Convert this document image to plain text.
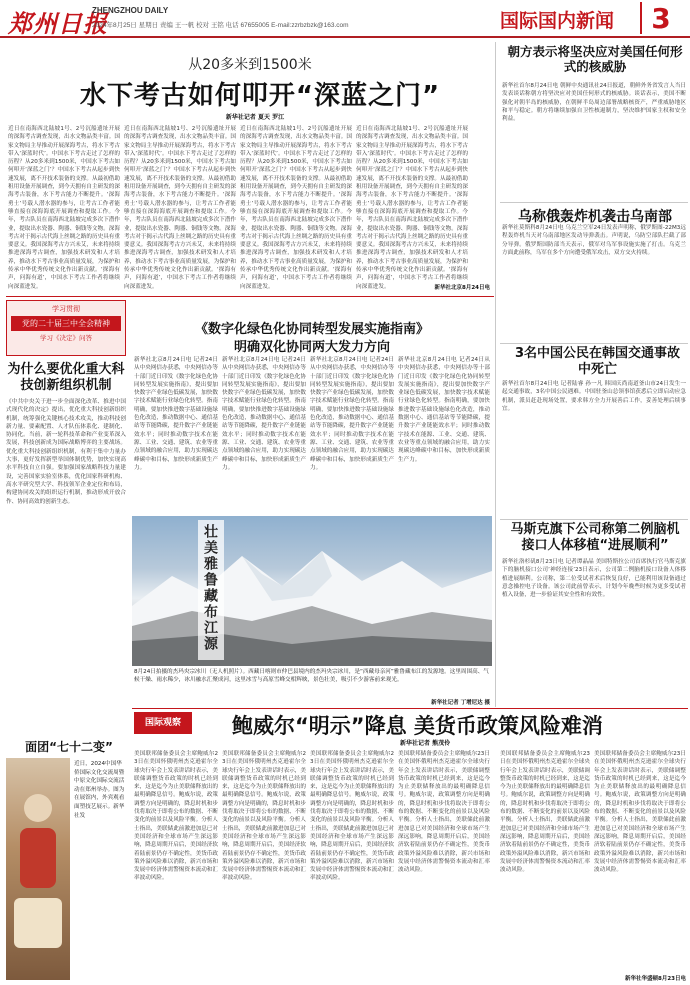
郑州日报
ZHENGZHOU DAILY
2024年8月25日 星期日 责编 王一帆 校对 王铭 电话 67655005 E-mail:zzrbzbzk@163.com	国际国内新闻	3
从20多米到1500米
水下考古如何叩开“深蓝之门”
新华社记者 夏天 罗江
近日在南海西北陆坡1号、2号沉船遗址开展的深海考古调查发现，出水文物品类丰富。国家文物局主导推动开展深海考古，将水下考古带入‘深蓝时代’。中国水下考古走过了怎样的历程？从20多米到1500米，中国水下考古如何叩开‘深蓝之门’？中国水下考古从起步到快速发展，离不开技术装备的支撑。从最初借助租用设备开展调查，到今天拥有自主研发的深海考古装备，水下考古能力不断提升。‘深海勇士’号载人潜水器的参与，让考古工作者能够直接在深海海底开展调查和提取工作。今年，考古队员在南海西北陆坡完成多次下潜作业，提取出水瓷器、陶器、铜钱等文物。深海考古对于揭示古代海上丝绸之路的历史具有重要意义。我国深海考古方兴未艾，未来将持续推进深海考古调查，加强技术研发和人才培养，推动水下考古事业高质量发展，为保护和传承中华优秀传统文化作出新贡献。‘探海有声，问海有道’，中国水下考古工作者将继续向深蓝进发。
近日在南海西北陆坡1号、2号沉船遗址开展的深海考古调查发现，出水文物品类丰富。国家文物局主导推动开展深海考古，将水下考古带入‘深蓝时代’。中国水下考古走过了怎样的历程？从20多米到1500米，中国水下考古如何叩开‘深蓝之门’？中国水下考古从起步到快速发展，离不开技术装备的支撑。从最初借助租用设备开展调查，到今天拥有自主研发的深海考古装备，水下考古能力不断提升。‘深海勇士’号载人潜水器的参与，让考古工作者能够直接在深海海底开展调查和提取工作。今年，考古队员在南海西北陆坡完成多次下潜作业，提取出水瓷器、陶器、铜钱等文物。深海考古对于揭示古代海上丝绸之路的历史具有重要意义。我国深海考古方兴未艾，未来将持续推进深海考古调查，加强技术研发和人才培养，推动水下考古事业高质量发展，为保护和传承中华优秀传统文化作出新贡献。‘探海有声，问海有道’，中国水下考古工作者将继续向深蓝进发。
近日在南海西北陆坡1号、2号沉船遗址开展的深海考古调查发现，出水文物品类丰富。国家文物局主导推动开展深海考古，将水下考古带入‘深蓝时代’。中国水下考古走过了怎样的历程？从20多米到1500米，中国水下考古如何叩开‘深蓝之门’？中国水下考古从起步到快速发展，离不开技术装备的支撑。从最初借助租用设备开展调查，到今天拥有自主研发的深海考古装备，水下考古能力不断提升。‘深海勇士’号载人潜水器的参与，让考古工作者能够直接在深海海底开展调查和提取工作。今年，考古队员在南海西北陆坡完成多次下潜作业，提取出水瓷器、陶器、铜钱等文物。深海考古对于揭示古代海上丝绸之路的历史具有重要意义。我国深海考古方兴未艾，未来将持续推进深海考古调查，加强技术研发和人才培养，推动水下考古事业高质量发展，为保护和传承中华优秀传统文化作出新贡献。‘探海有声，问海有道’，中国水下考古工作者将继续向深蓝进发。
近日在南海西北陆坡1号、2号沉船遗址开展的深海考古调查发现，出水文物品类丰富。国家文物局主导推动开展深海考古，将水下考古带入‘深蓝时代’。中国水下考古走过了怎样的历程？从20多米到1500米，中国水下考古如何叩开‘深蓝之门’？中国水下考古从起步到快速发展，离不开技术装备的支撑。从最初借助租用设备开展调查，到今天拥有自主研发的深海考古装备，水下考古能力不断提升。‘深海勇士’号载人潜水器的参与，让考古工作者能够直接在深海海底开展调查和提取工作。今年，考古队员在南海西北陆坡完成多次下潜作业，提取出水瓷器、陶器、铜钱等文物。深海考古对于揭示古代海上丝绸之路的历史具有重要意义。我国深海考古方兴未艾，未来将持续推进深海考古调查，加强技术研发和人才培养，推动水下考古事业高质量发展，为保护和传承中华优秀传统文化作出新贡献。‘探海有声，问海有道’，中国水下考古工作者将继续向深蓝进发。	新华社北京8月24日电
朝方表示将坚决应对美国任何形式的核威胁
新华社首尔8月24日电 朝鲜中央通讯社24日报道，朝鲜外务省发言人当日发表谈话称朝方将坚决应对美国任何形式的核威胁。谈话表示，美国不断强化对朝半岛的核威胁，在朝鲜半岛周边部署战略核资产，严重威胁地区和平与稳定。朝方将继续加强自卫性核遏制力，坚决维护国家主权和安全利益。
乌称俄轰炸机袭击乌南部
新华社莫斯科8月24日电 乌克兰空军24日发表声明称，俄罗斯图-22M3远程轰炸机当天对乌南部地区发动导弹袭击。声明说，乌防空部队拦截了部分导弹。俄罗斯国防部当天表示，俄军对乌军事设施实施了打击。乌克兰方面此前称，乌军在多个方向遭受俄军攻击，双方交火持续。
3名中国公民在韩国交通事故中死亡
新华社首尔8月24日电 记者陆睿 孙一凡 韩国庆尚南道釜山市24日发生一起交通事故，3名中国公民遇难。中国驻釜山总领事馆获悉后立即启动应急机制，派员赶赴现场处置，要求韩方全力开展善后工作，妥善处理后续事宜。
马斯克旗下公司称第二例脑机接口人体移植“进展顺利”
新华社洛杉矶8月23日电 记者谭晶晶 美国特斯拉公司首席执行官马斯克旗下的脑机接口公司‘神经连接’23日表示，公司第二例脑机接口设备人体移植进展顺利。公司称，第二位受试者术后恢复良好，已能利用该设备通过意念操控电子设备。该公司此前曾表示，计划今年晚些时候为更多受试者植入设备，进一步验证其安全性和有效性。
学习贯彻
党的二十届三中全会精神
学习《决定》问答
为什么要优化重大科技创新组织机制
《中共中央关于进一步全面深化改革、推进中国式现代化的决定》提出，优化重大科技创新组织机制，统筹强化关键核心技术攻关，推动科技创新力量、要素配置、人才队伍体系化、建制化、协同化。当前，新一轮科技革命和产业变革深入发展，科技创新成为国际战略博弈的主要战场。优化重大科技创新组织机制，有利于集中力量办大事，更好发挥新型举国体制优势，加快实现高水平科技自立自强。要加强国家战略科技力量建设，完善国家实验室体系，优化国家科研机构、高水平研究型大学、科技领军企业定位和布局，构建协同攻关的组织运行机制，推动形成开放合作、协同高效的创新生态。
《数字化绿色化协同转型发展实施指南》
明确双化协同两大发力方向
新华社北京8月24日电 记者24日从中央网信办获悉，中央网信办等十部门近日印发《数字化绿色化协同转型发展实施指南》，提出要加快数字产业绿色低碳发展，加快数字技术赋能行业绿色化转型。指南明确，要加快推进数字基础设施绿色化改造，推动数据中心、通信基站等节能降碳，提升数字产业链能效水平；同时推动数字技术在能源、工业、交通、建筑、农业等重点领域的融合应用，助力实现碳达峰碳中和目标，加快形成新质生产力。
新华社北京8月24日电 记者24日从中央网信办获悉，中央网信办等十部门近日印发《数字化绿色化协同转型发展实施指南》，提出要加快数字产业绿色低碳发展，加快数字技术赋能行业绿色化转型。指南明确，要加快推进数字基础设施绿色化改造，推动数据中心、通信基站等节能降碳，提升数字产业链能效水平；同时推动数字技术在能源、工业、交通、建筑、农业等重点领域的融合应用，助力实现碳达峰碳中和目标，加快形成新质生产力。
新华社北京8月24日电 记者24日从中央网信办获悉，中央网信办等十部门近日印发《数字化绿色化协同转型发展实施指南》，提出要加快数字产业绿色低碳发展，加快数字技术赋能行业绿色化转型。指南明确，要加快推进数字基础设施绿色化改造，推动数据中心、通信基站等节能降碳，提升数字产业链能效水平；同时推动数字技术在能源、工业、交通、建筑、农业等重点领域的融合应用，助力实现碳达峰碳中和目标，加快形成新质生产力。
新华社北京8月24日电 记者24日从中央网信办获悉，中央网信办等十部门近日印发《数字化绿色化协同转型发展实施指南》，提出要加快数字产业绿色低碳发展，加快数字技术赋能行业绿色化转型。指南明确，要加快推进数字基础设施绿色化改造，推动数据中心、通信基站等节能降碳，提升数字产业链能效水平；同时推动数字技术在能源、工业、交通、建筑、农业等重点领域的融合应用，助力实现碳达峰碳中和目标，加快形成新质生产力。
壮美雅鲁藏布江源
8月24日拍摄的杰玛央宗冰川（无人机照片）。西藏日喀则市仲巴县境内的杰玛央宗冰川，是“西藏母亲河”雅鲁藏布江的发源地。这里周围高、气候干燥、雨水稀少，冰川融水汇聚成河，这里冰雪与高原雪峰交相辉映，景色壮美，吸引不少游客前来观光。
新华社记者 丁增尼达 摄
面团“七十二变”
近日，2024中国华侨国际文化交流周暨中原文化国际交流活动在郑州举办。图为在展馆内，外宾观看面塑技艺展示。新华社发
国际观察	鲍威尔“明示”降息 美货币政策风险难消
新华社记者 熊茂伶
美国联邦储备委员会主席鲍威尔23日在美国怀俄明州杰克逊霍尔全球央行年会上发表讲话时表示，美联储调整货币政策的时机已经到来，这是迄今为止美联储释放出的最明确降息信号。鲍威尔说，政策调整方向是明确的，降息时机和步伐将取决于即将公布的数据、不断变化的前景以及风险平衡。分析人士指出，美联储此前激进加息已对美国经济和全球市场产生深远影响，降息周期开启后，美国经济软着陆前景仍存不确定性，美货币政策外溢风险难以消除，新兴市场和发展中经济体需警惕资本流动和汇率波动风险。
美国联邦储备委员会主席鲍威尔23日在美国怀俄明州杰克逊霍尔全球央行年会上发表讲话时表示，美联储调整货币政策的时机已经到来，这是迄今为止美联储释放出的最明确降息信号。鲍威尔说，政策调整方向是明确的，降息时机和步伐将取决于即将公布的数据、不断变化的前景以及风险平衡。分析人士指出，美联储此前激进加息已对美国经济和全球市场产生深远影响，降息周期开启后，美国经济软着陆前景仍存不确定性，美货币政策外溢风险难以消除，新兴市场和发展中经济体需警惕资本流动和汇率波动风险。
美国联邦储备委员会主席鲍威尔23日在美国怀俄明州杰克逊霍尔全球央行年会上发表讲话时表示，美联储调整货币政策的时机已经到来，这是迄今为止美联储释放出的最明确降息信号。鲍威尔说，政策调整方向是明确的，降息时机和步伐将取决于即将公布的数据、不断变化的前景以及风险平衡。分析人士指出，美联储此前激进加息已对美国经济和全球市场产生深远影响，降息周期开启后，美国经济软着陆前景仍存不确定性，美货币政策外溢风险难以消除，新兴市场和发展中经济体需警惕资本流动和汇率波动风险。
美国联邦储备委员会主席鲍威尔23日在美国怀俄明州杰克逊霍尔全球央行年会上发表讲话时表示，美联储调整货币政策的时机已经到来，这是迄今为止美联储释放出的最明确降息信号。鲍威尔说，政策调整方向是明确的，降息时机和步伐将取决于即将公布的数据、不断变化的前景以及风险平衡。分析人士指出，美联储此前激进加息已对美国经济和全球市场产生深远影响，降息周期开启后，美国经济软着陆前景仍存不确定性，美货币政策外溢风险难以消除，新兴市场和发展中经济体需警惕资本流动和汇率波动风险。
美国联邦储备委员会主席鲍威尔23日在美国怀俄明州杰克逊霍尔全球央行年会上发表讲话时表示，美联储调整货币政策的时机已经到来，这是迄今为止美联储释放出的最明确降息信号。鲍威尔说，政策调整方向是明确的，降息时机和步伐将取决于即将公布的数据、不断变化的前景以及风险平衡。分析人士指出，美联储此前激进加息已对美国经济和全球市场产生深远影响，降息周期开启后，美国经济软着陆前景仍存不确定性，美货币政策外溢风险难以消除，新兴市场和发展中经济体需警惕资本流动和汇率波动风险。
美国联邦储备委员会主席鲍威尔23日在美国怀俄明州杰克逊霍尔全球央行年会上发表讲话时表示，美联储调整货币政策的时机已经到来，这是迄今为止美联储释放出的最明确降息信号。鲍威尔说，政策调整方向是明确的，降息时机和步伐将取决于即将公布的数据、不断变化的前景以及风险平衡。分析人士指出，美联储此前激进加息已对美国经济和全球市场产生深远影响，降息周期开启后，美国经济软着陆前景仍存不确定性，美货币政策外溢风险难以消除，新兴市场和发展中经济体需警惕资本流动和汇率波动风险。
新华社华盛顿8月23日电
